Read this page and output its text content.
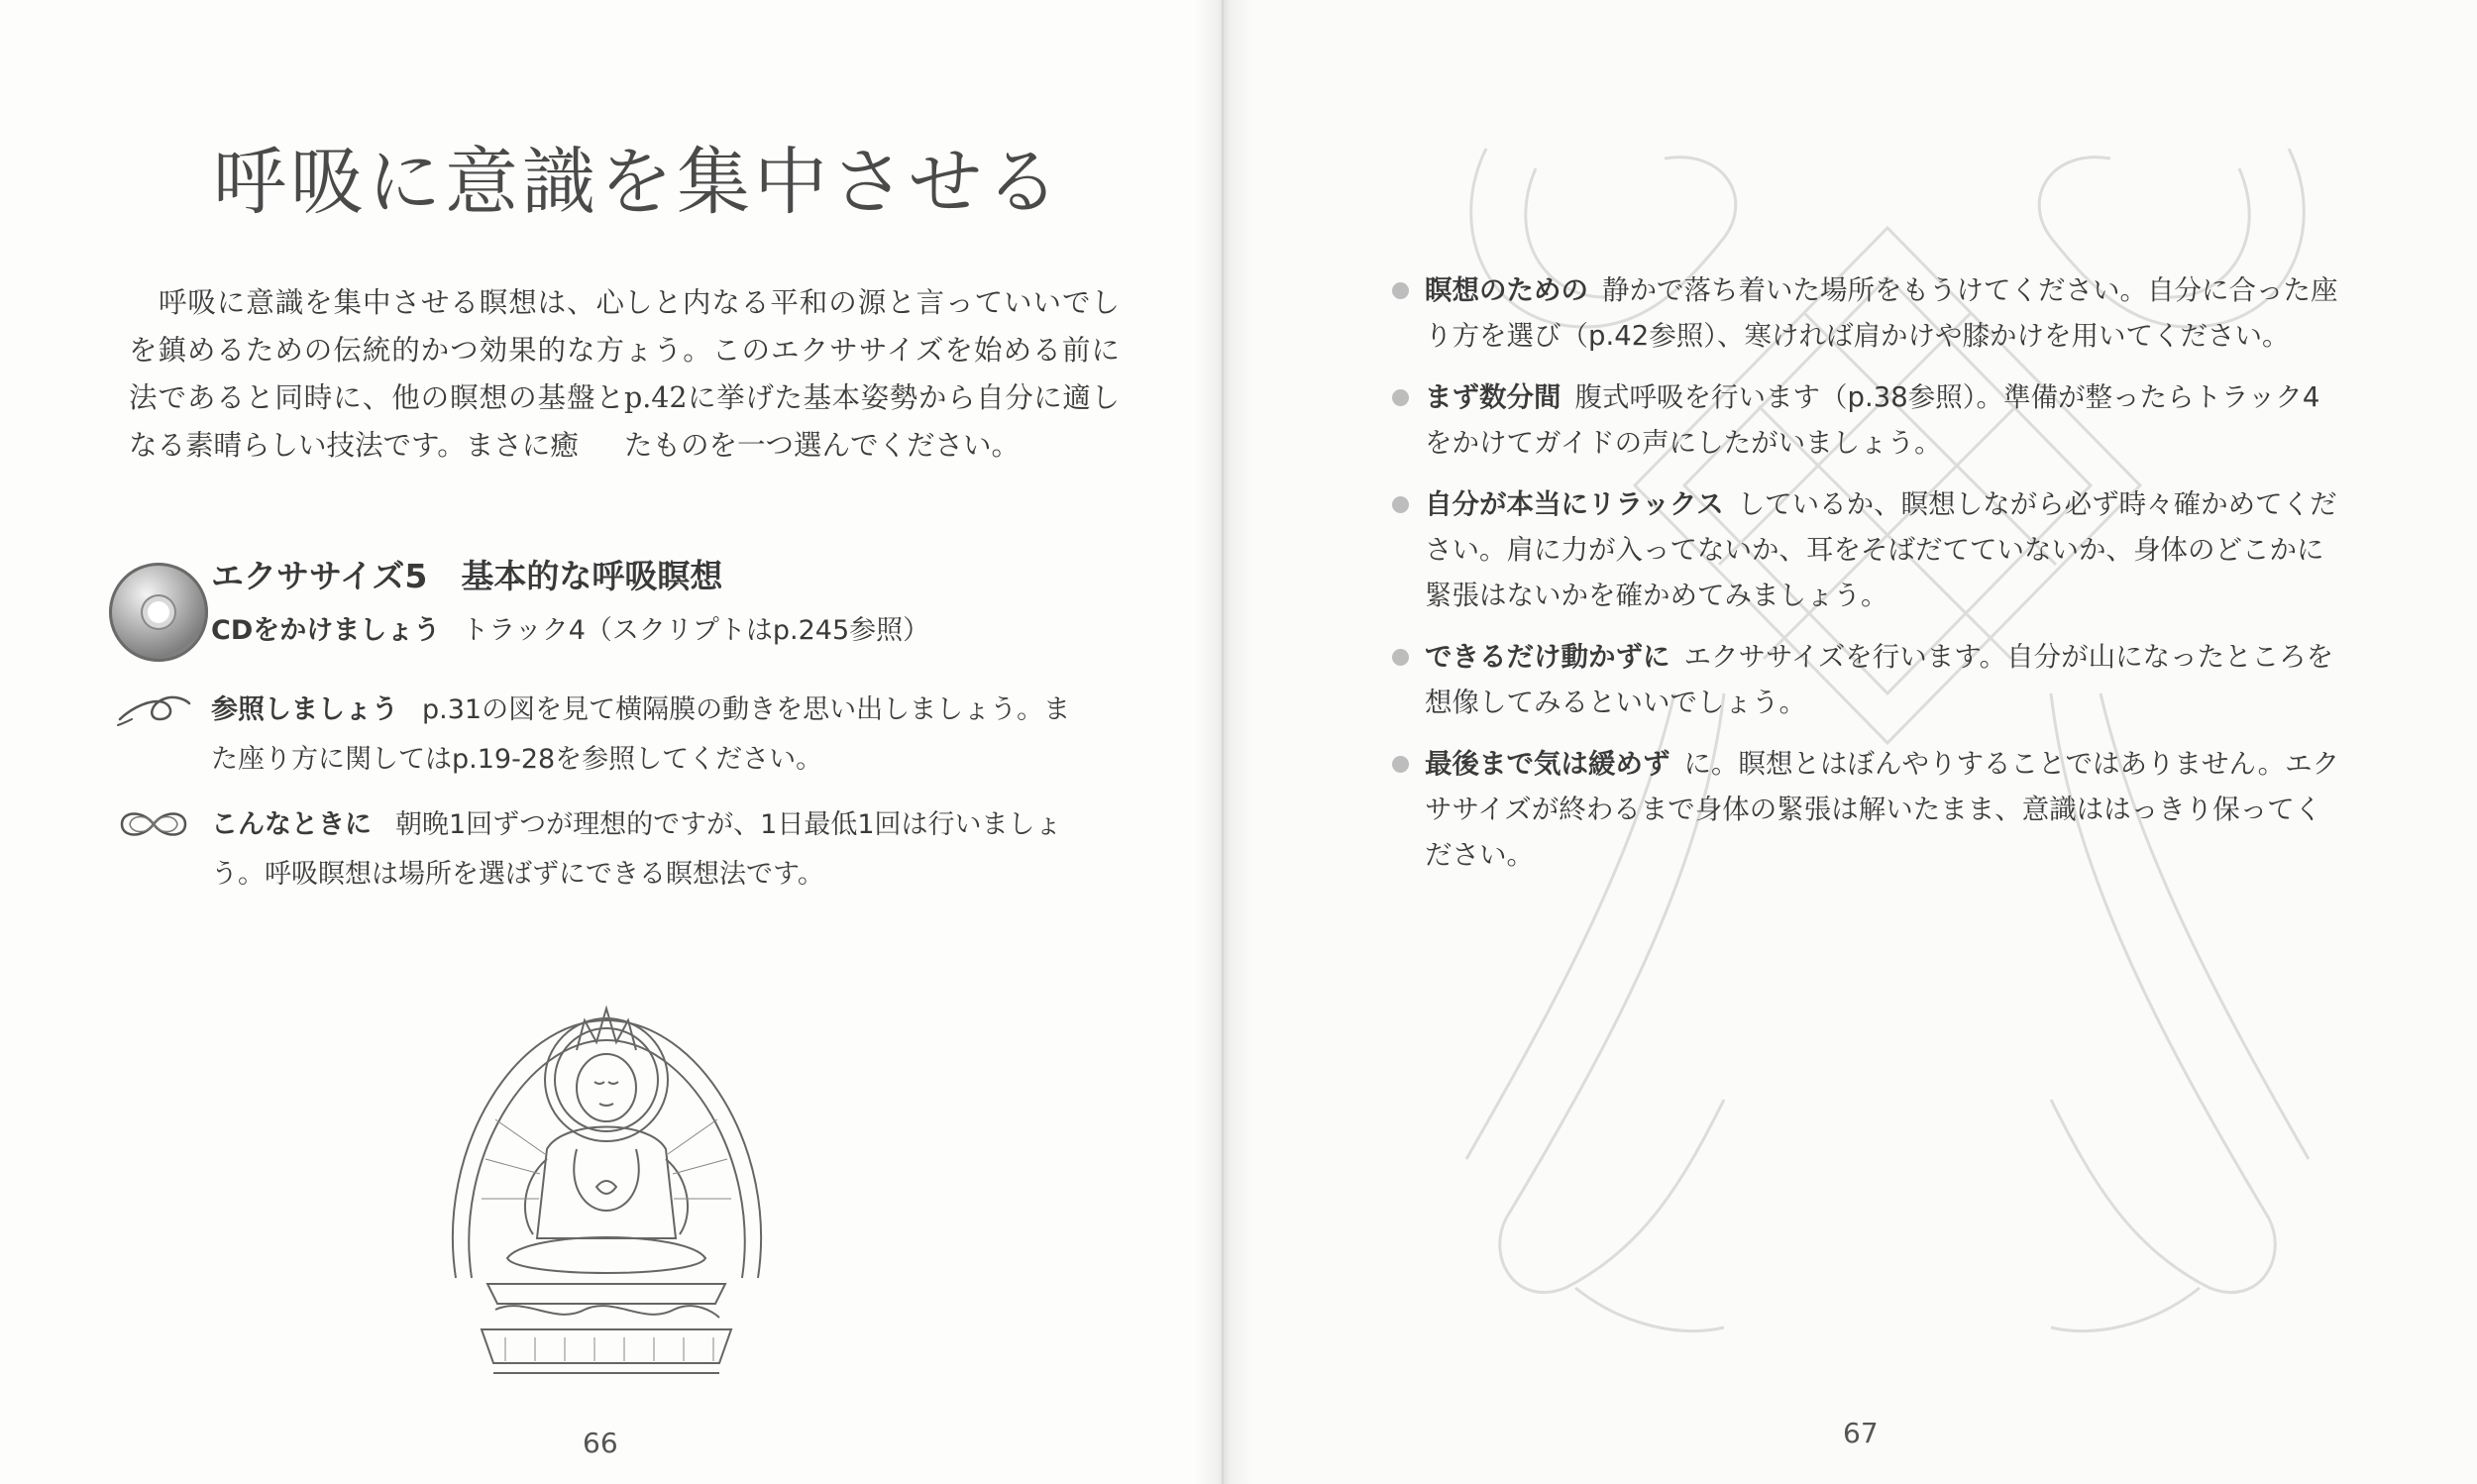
呼吸に意識を集中させる
呼吸に意識を集中させる瞑想は、心を鎮めるための伝統的かつ効果的な方法であると同時に、他の瞑想の基盤となる素晴らしい技法です。まさに癒
しと内なる平和の源と言っていいでしょう。このエクササイズを始める前にp.42に挙げた基本姿勢から自分に適したものを一つ選んでください。
エクササイズ5 基本的な呼吸瞑想
CDをかけましょう トラック4（スクリプトはp.245参照）
参照しましょう p.31の図を見て横隔膜の動きを思い出しましょう。また座り方に関してはp.19-28を参照してください。
こんなときに 朝晩1回ずつが理想的ですが、1日最低1回は行いましょう。呼吸瞑想は場所を選ばずにできる瞑想法です。
66	67
瞑想のための 静かで落ち着いた場所をもうけてください。自分に合った座り方を選び（p.42参照）、寒ければ肩かけや膝かけを用いてください。
まず数分間 腹式呼吸を行います（p.38参照）。準備が整ったらトラック4をかけてガイドの声にしたがいましょう。
自分が本当にリラックス しているか、瞑想しながら必ず時々確かめてください。肩に力が入ってないか、耳をそばだてていないか、身体のどこかに緊張はないかを確かめてみましょう。
できるだけ動かずに エクササイズを行います。自分が山になったところを想像してみるといいでしょう。
最後まで気は緩めず に。瞑想とはぼんやりすることではありません。エクササイズが終わるまで身体の緊張は解いたまま、意識ははっきり保ってください。
